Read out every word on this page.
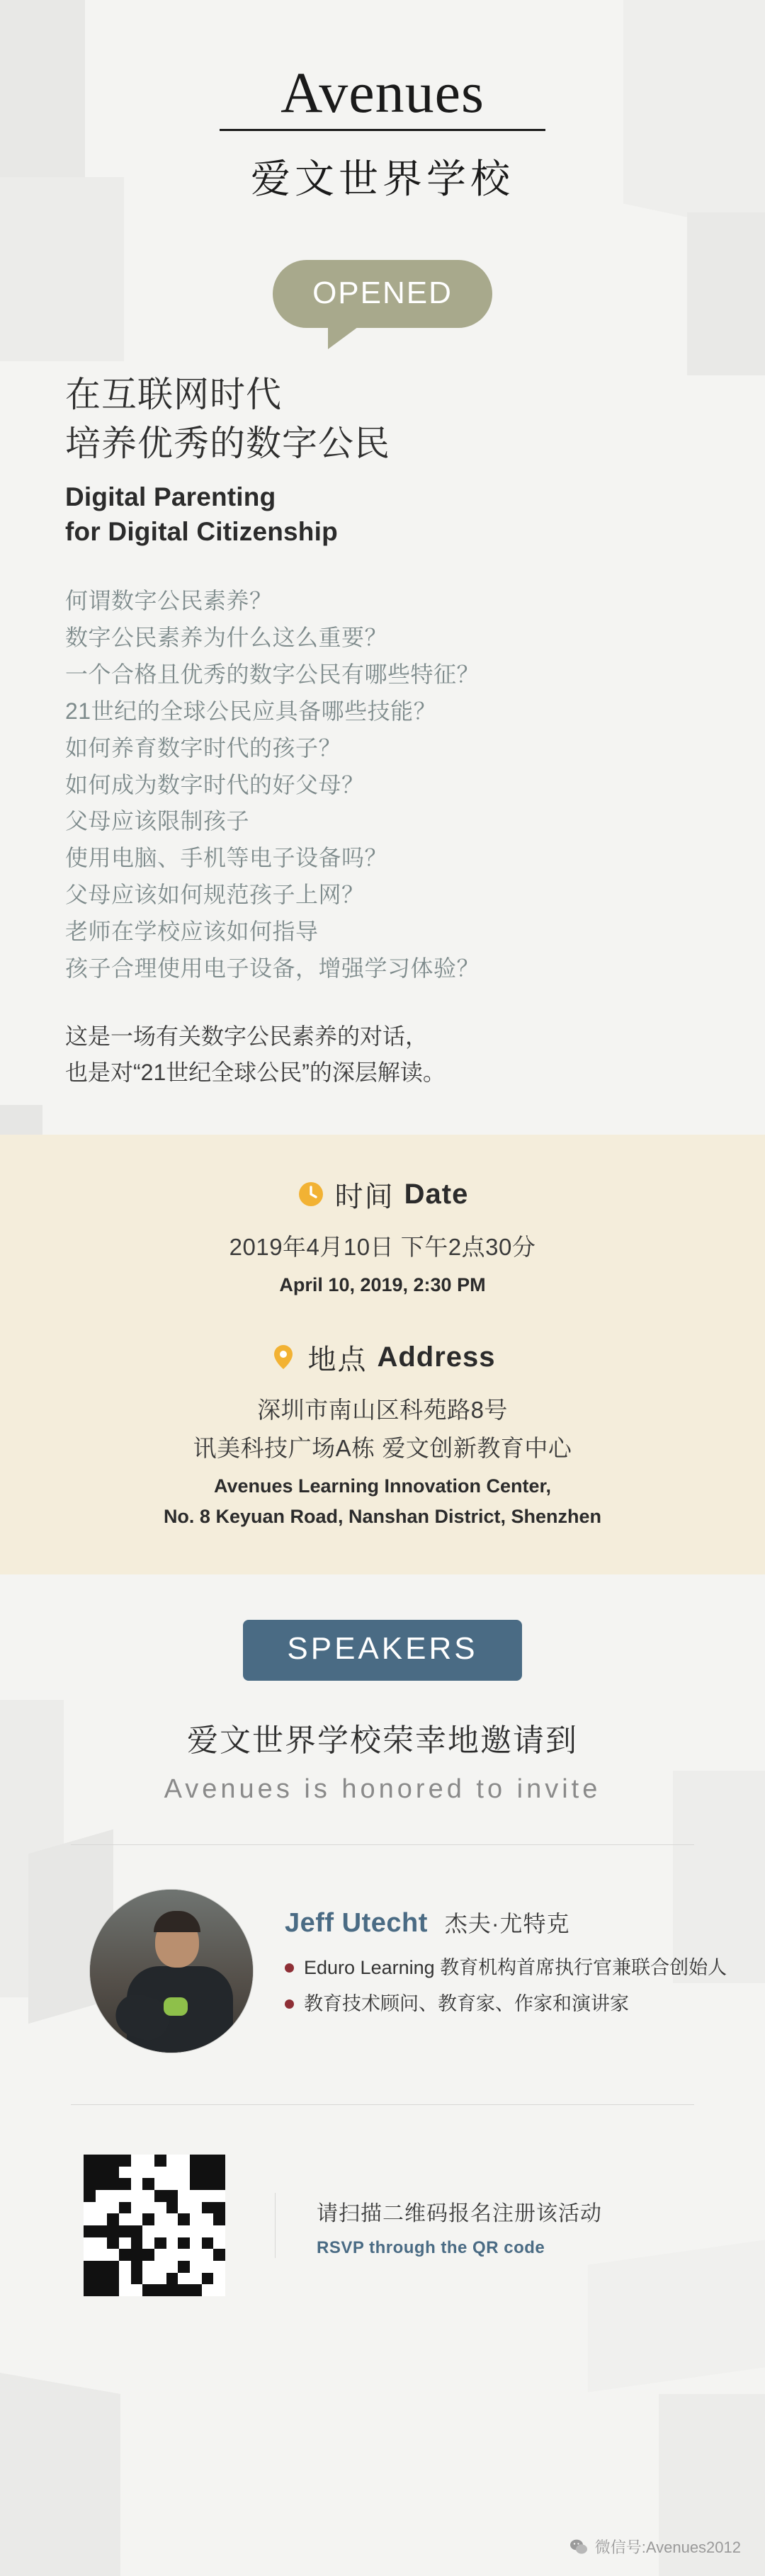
Avenues
爱文世界学校
OPENED
在互联网时代
培养优秀的数字公民
Digital Parenting
for Digital Citizenship
何谓数字公民素养？
数字公民素养为什么这么重要？
一个合格且优秀的数字公民有哪些特征？
21世纪的全球公民应具备哪些技能？
如何养育数字时代的孩子？
如何成为数字时代的好父母？
父母应该限制孩子
使用电脑、手机等电子设备吗？
父母应该如何规范孩子上网？
老师在学校应该如何指导
孩子合理使用电子设备，增强学习体验？
这是一场有关数字公民素养的对话，
也是对“21世纪全球公民”的深层解读。
时间 Date
2019年4月10日 下午2点30分
April 10, 2019, 2:30 PM
地点 Address
深圳市南山区科苑路8号
讯美科技广场A栋 爱文创新教育中心
Avenues Learning Innovation Center,
No. 8 Keyuan Road, Nanshan District, Shenzhen
SPEAKERS
爱文世界学校荣幸地邀请到
Avenues is honored to invite
Jeff Utecht 杰夫·尤特克
Eduro Learning 教育机构首席执行官兼联合创始人
教育技术顾问、教育家、作家和演讲家
请扫描二维码报名注册该活动
RSVP through the QR code
微信号:Avenues2012
